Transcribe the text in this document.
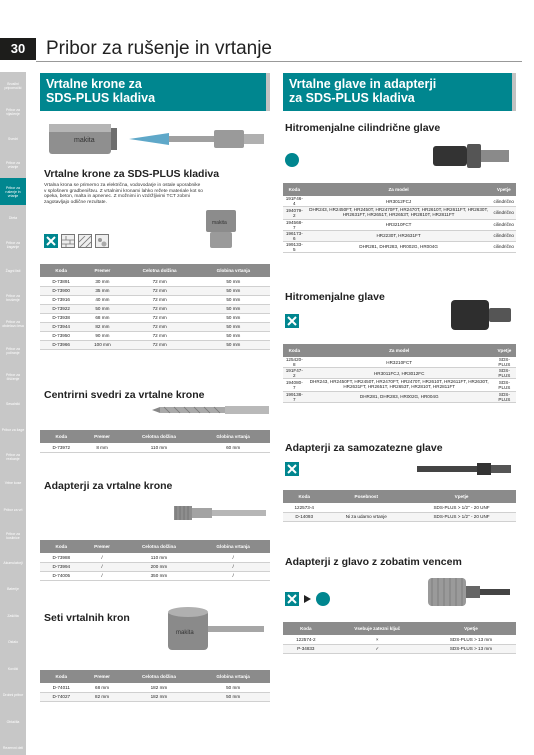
Brusilni pripomočki
Pribor za vijačenje
Svedri
Pribor za vrtanje
Pribor za rušenje in vrtanje
Dleta
Pribor za žaganje
Žagni listi
Pribor za brušenje
Pribor za obdelavo lesa
Pribor za poliranje
Pribor za čiščenje
Sesalniki
Pribor za žage
Pribor za rezkanje
Vrtne kose
Pribor za vrt
Pribor za kosilnice
Akumulatorji
Baterije
Zaščita
Ostalo
Kovčki
Drobni pribor
Oblačila
Rezervni deli
30	Pribor za rušenje in vrtanje
Vrtalne krone za
SDS-PLUS kladiva
Vrtalne glave in adapterji
za SDS-PLUS kladiva
makita
Vrtalne krone za SDS-PLUS kladiva
Vrtalna krona se primerno za električna, vodovodarje in ostale uporabnike v splošnem gradbeništvu. Z vrtalnimi kronami lahko režete materiale kot so opeka, beton, malta in apnenec. Z možnimi in vzdržljivimi TCT zobmi zagotavljajo odlične rezultate.
makita
Koda	Premer	Celotna dolžina	Globina vrtanja
D-73891	30 mm	72 mm	50 mm
D-73900	35 mm	72 mm	50 mm
D-73916	40 mm	72 mm	50 mm
D-73922	50 mm	72 mm	50 mm
D-73938	68 mm	72 mm	50 mm
D-73944	82 mm	72 mm	50 mm
D-73950	90 mm	72 mm	50 mm
D-73966	100 mm	72 mm	50 mm
Centrirni svedri za vrtalne krone
Koda	Premer	Celotna dolžina	Globina vrtanja
D-73972	8 mm	110 mm	60 mm
Adapterji za vrtalne krone
Koda	Premer	Celotna dolžina	Globina vrtanja
D-73988	/	110 mm	/
D-73994	/	200 mm	/
D-74005	/	350 mm	/
Seti vrtalnih kron
makita
Koda	Premer	Celotna dolžina	Globina vrtanja
D-74011	68 mm	182 mm	50 mm
D-74027	82 mm	182 mm	50 mm
Hitromenjalne cilindrične glave
Koda	Za model	Vpetje
191F46-4	HR3012FCJ	cilindrično
194079-2	DHR243, HR2450FT, HR2450T, HR2470FT, HR2470T, HR2610T, HR2611FT, HR2630T, HR2631FT, HR2651T, HR2653T, HR2810T, HR2811FT	cilindrično
194568-7	HR3210FCT	cilindrično
196173-6	HR2230T, HR2631FT	cilindrično
199133-5	DHR281, DHR283, HR002G, HR004G	cilindrično
Hitromenjalne glave
Koda	Za model	Vpetje
125420-8	HR3210FCT	SDS-PLUS
191F47-2	HR3011FCJ, HR3012FC	SDS-PLUS
194080-7	DHR243, HR2450FT, HR2450T, HR2470FT, HR2470T, HR2610T, HR2611FT, HR2630T, HR2631FT, HR2651T, HR2653T, HR2810T, HR2811FT	SDS-PLUS
199138-7	DHR281, DHR283, HR002G, HR004G	SDS-PLUS
Adapterji za samozatezne glave
Koda	Posebnost	Vpetje
122573-4		SDS-PLUS > 1/2" - 20 UNF
D-14093	Ni za udarno vrtanje	SDS-PLUS > 1/2" - 20 UNF
Adapterji z glavo z zobatim vencem
Koda	Vsebuje zatezni ključ	Vpetje
122574-2	×	SDS-PLUS > 13 mm
P-34833	✓	SDS-PLUS > 13 mm
